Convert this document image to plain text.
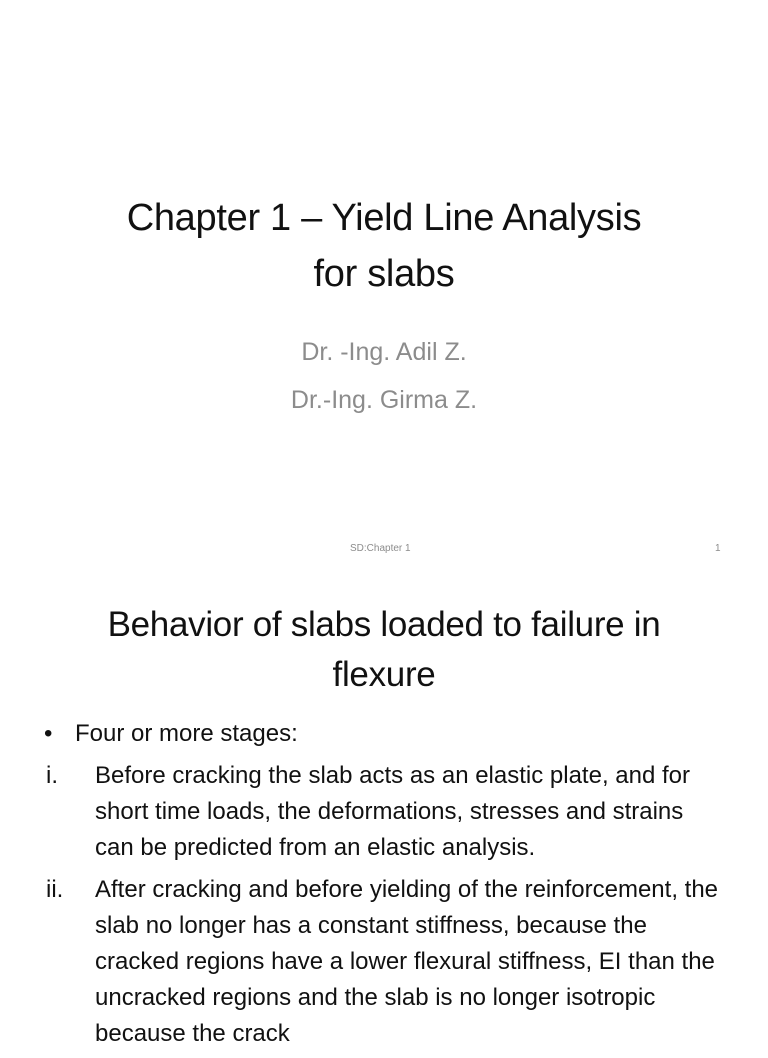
Chapter 1 – Yield Line Analysis
for slabs
Dr. -Ing. Adil Z.
Dr.-Ing. Girma Z.
SD:Chapter 1	1
Behavior of slabs loaded to failure in
flexure
• Four or more stages:
i. Before cracking the slab acts as an elastic plate, and for short time loads, the deformations, stresses and strains can be predicted from an elastic analysis.
ii. After cracking and before yielding of the reinforcement, the slab no longer has a constant stiffness, because the cracked regions have a lower flexural stiffness, EI than the uncracked regions and the slab is no longer isotropic because the crack
